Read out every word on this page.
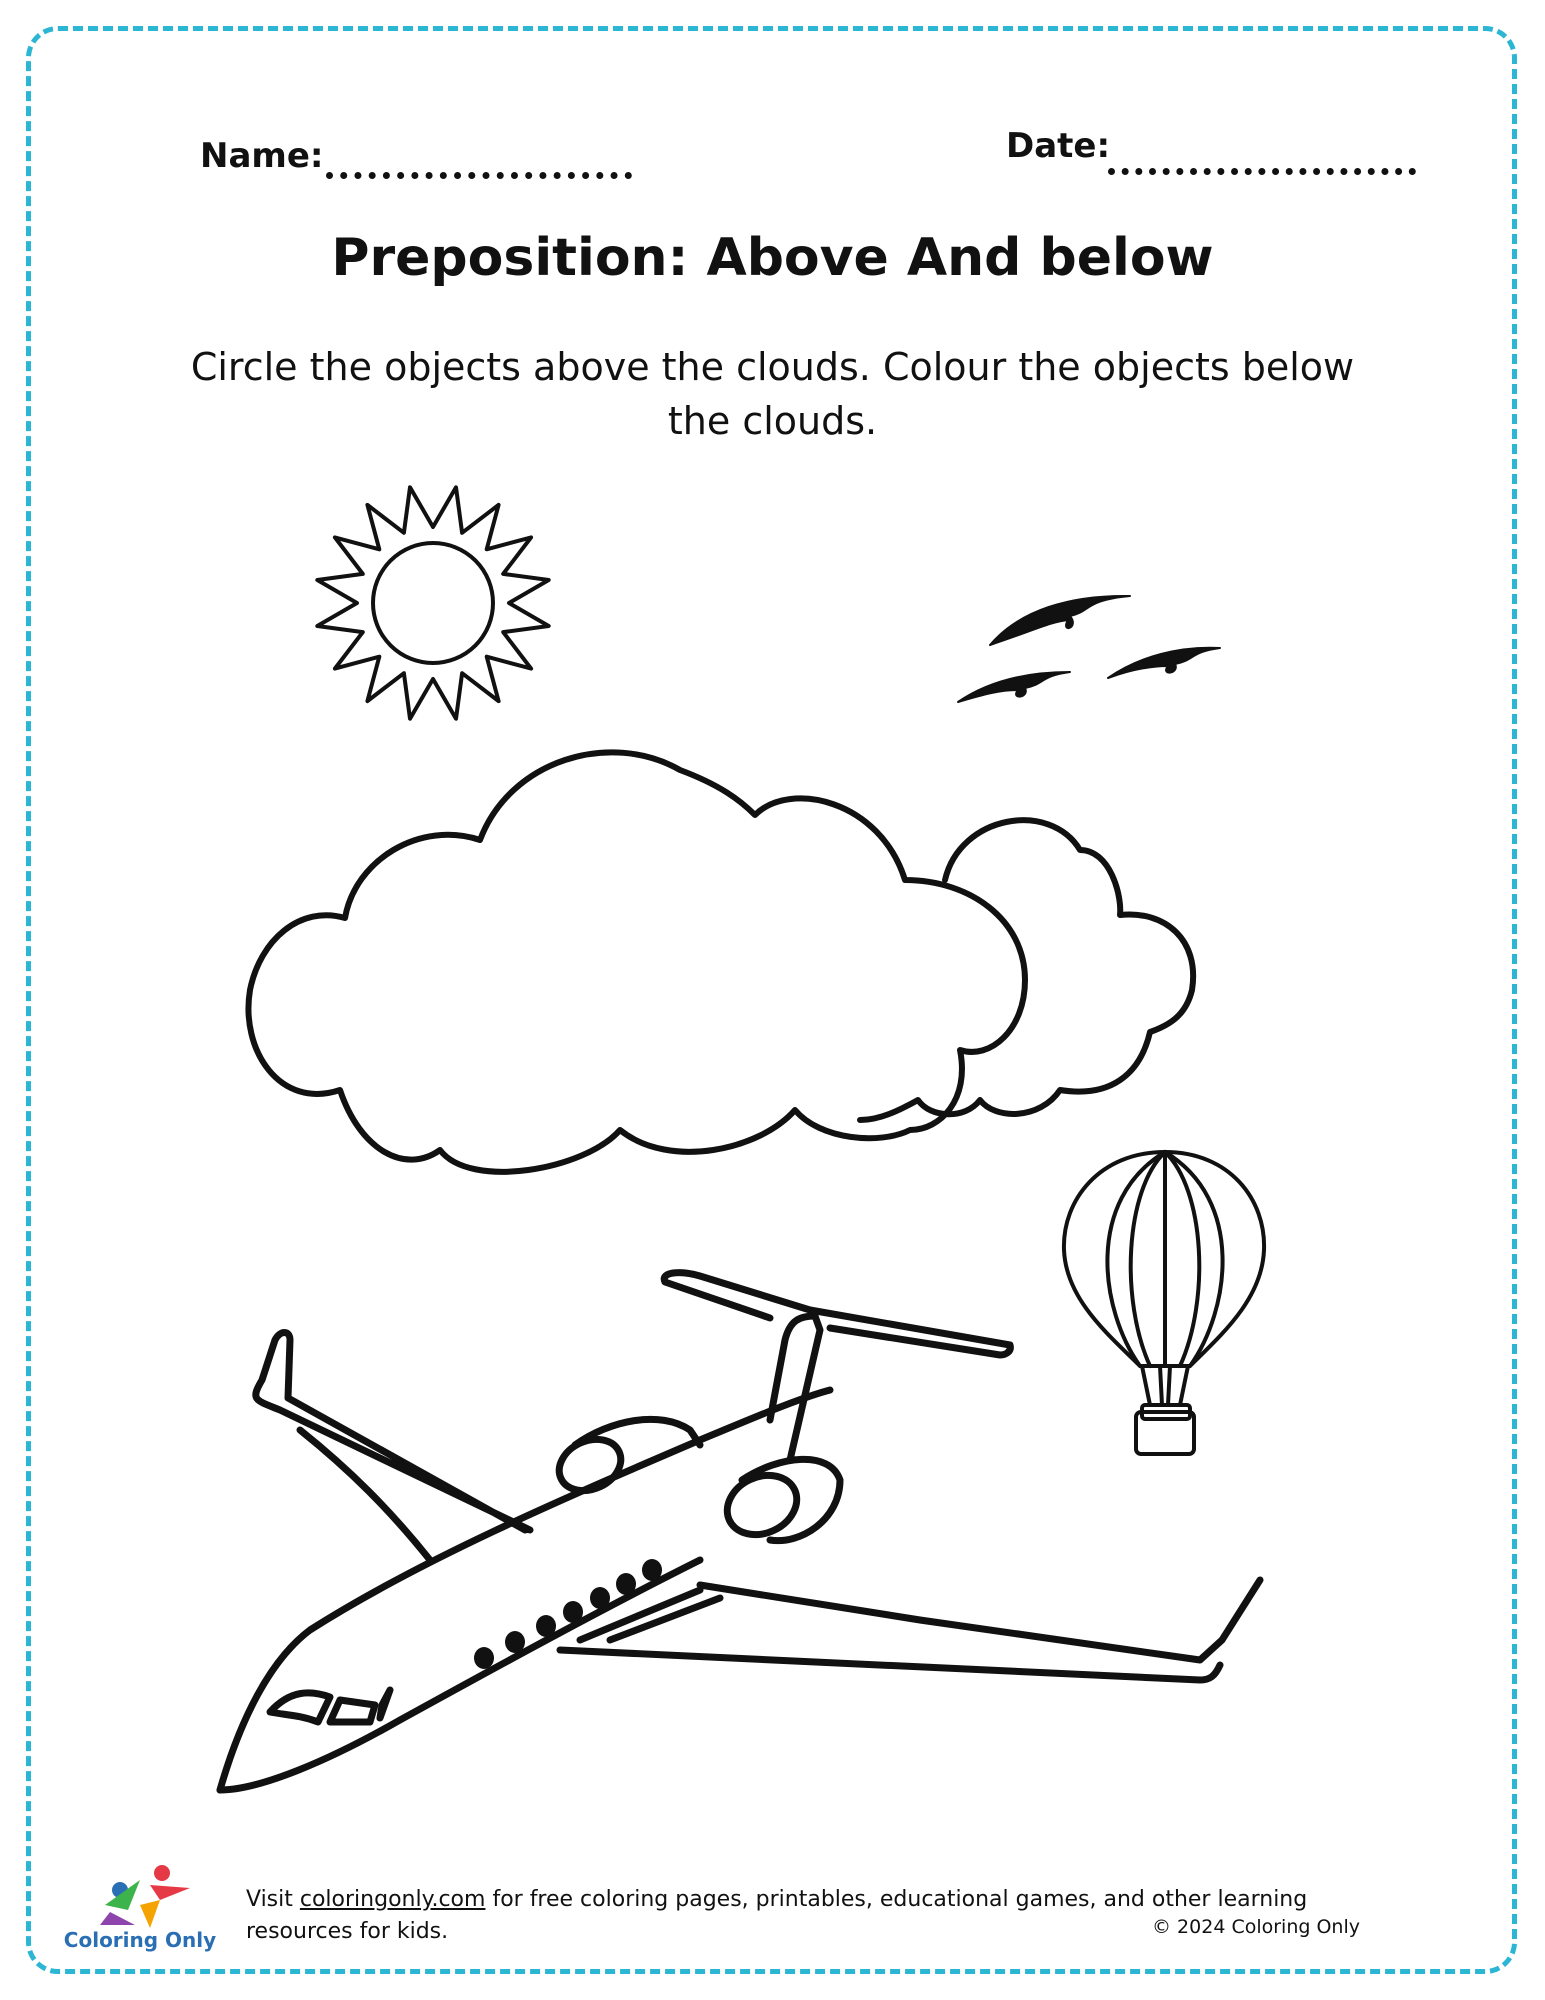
Name:	Date:
Preposition: Above And below
Circle the objects above the clouds. Colour the objects below the clouds.
Coloring Only
Visit coloringonly.com for free coloring pages, printables, educational games, and other learning resources for kids.	© 2024 Coloring Only
